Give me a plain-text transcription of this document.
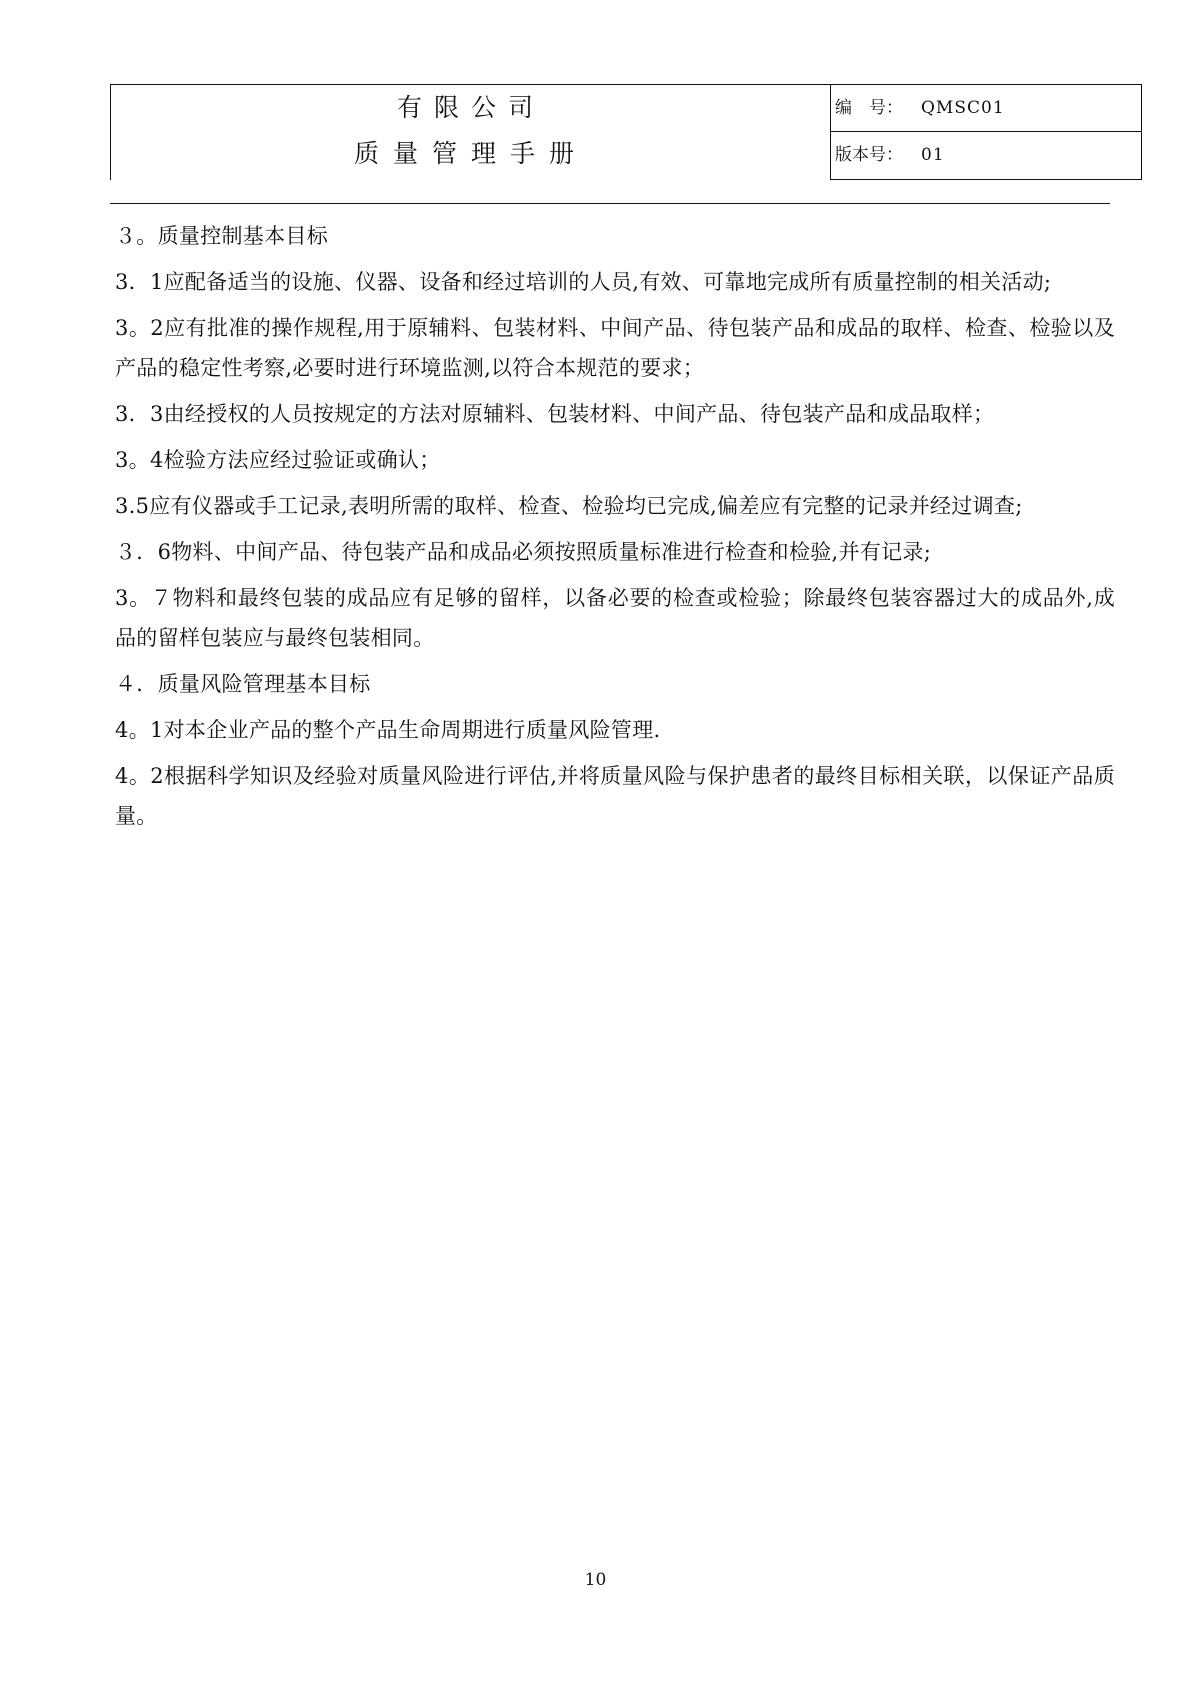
有限公司
质量管理手册
编　号： QMSC01
版本号： 01

３。质量控制基本目标

3．1应配备适当的设施、仪器、设备和经过培训的人员,有效、可靠地完成所有质量控制的相关活动;

3。2应有批准的操作规程,用于原辅料、包装材料、中间产品、待包装产品和成品的取样、检查、检验以及产品的稳定性考察,必要时进行环境监测,以符合本规范的要求；

3．3由经授权的人员按规定的方法对原辅料、包装材料、中间产品、待包装产品和成品取样；

3。4检验方法应经过验证或确认；

3.5应有仪器或手工记录,表明所需的取样、检查、检验均已完成,偏差应有完整的记录并经过调查;

３．6物料、中间产品、待包装产品和成品必须按照质量标准进行检查和检验,并有记录;

3。７物料和最终包装的成品应有足够的留样，以备必要的检查或检验；除最终包装容器过大的成品外,成品的留样包装应与最终包装相同。

４．质量风险管理基本目标

4。1对本企业产品的整个产品生命周期进行质量风险管理.

4。2根据科学知识及经验对质量风险进行评估,并将质量风险与保护患者的最终目标相关联，以保证产品质量。

10
